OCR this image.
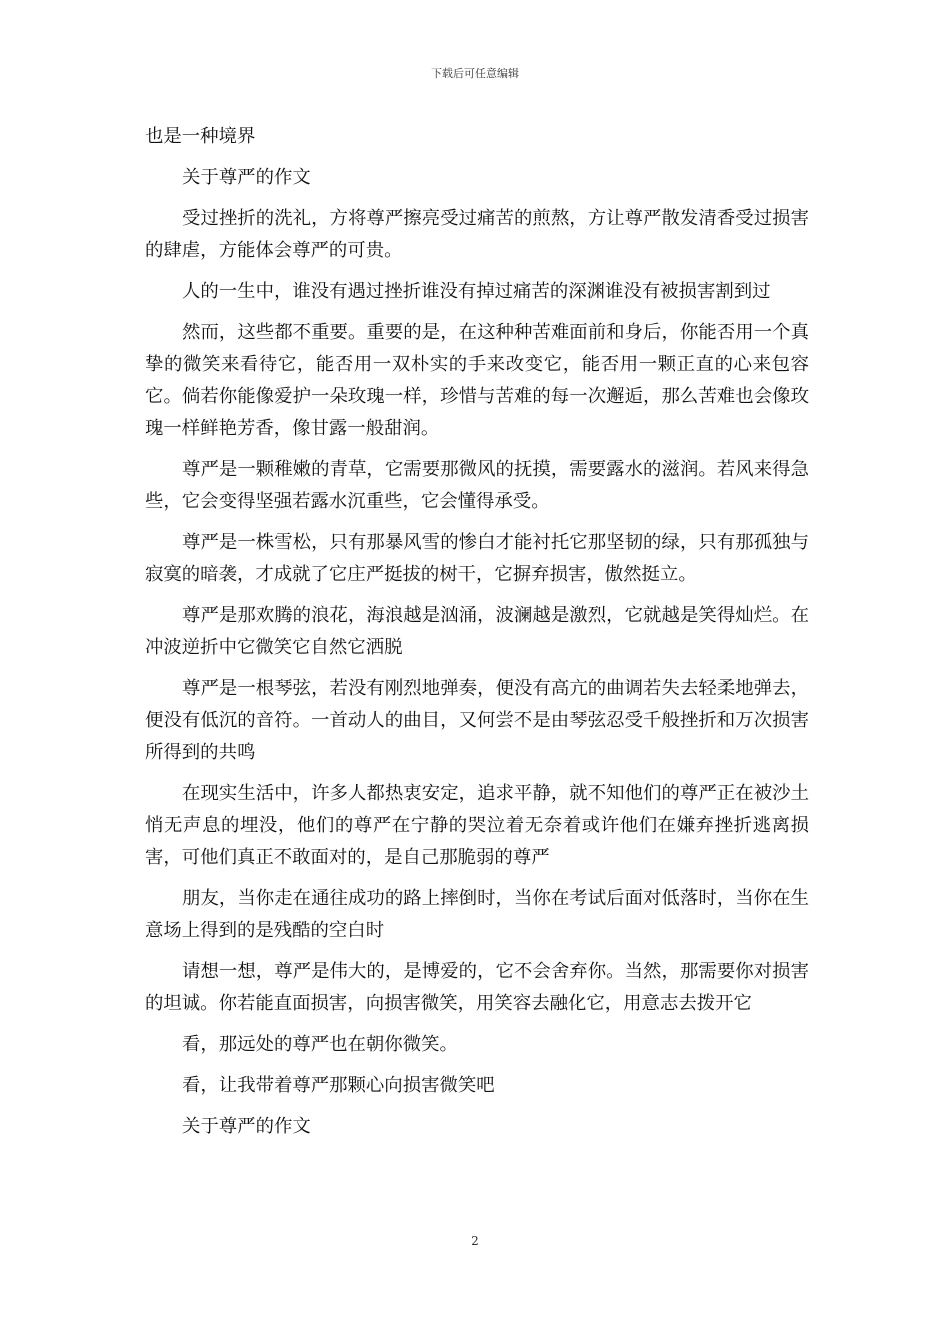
下载后可任意编辑

也是一种境界

关于尊严的作文

受过挫折的洗礼，方将尊严擦亮受过痛苦的煎熬，方让尊严散发清香受过损害的肆虐，方能体会尊严的可贵。

人的一生中，谁没有遇过挫折谁没有掉过痛苦的深渊谁没有被损害割到过

然而，这些都不重要。重要的是，在这种种苦难面前和身后，你能否用一个真挚的微笑来看待它，能否用一双朴实的手来改变它，能否用一颗正直的心来包容它。倘若你能像爱护一朵玫瑰一样，珍惜与苦难的每一次邂逅，那么苦难也会像玫瑰一样鲜艳芳香，像甘露一般甜润。

尊严是一颗稚嫩的青草，它需要那微风的抚摸，需要露水的滋润。若风来得急些，它会变得坚强若露水沉重些，它会懂得承受。

尊严是一株雪松，只有那暴风雪的惨白才能衬托它那坚韧的绿，只有那孤独与寂寞的暗袭，才成就了它庄严挺拔的树干，它摒弃损害，傲然挺立。

尊严是那欢腾的浪花，海浪越是汹涌，波澜越是激烈，它就越是笑得灿烂。在冲波逆折中它微笑它自然它洒脱

尊严是一根琴弦，若没有刚烈地弹奏，便没有高亢的曲调若失去轻柔地弹去，便没有低沉的音符。一首动人的曲目，又何尝不是由琴弦忍受千般挫折和万次损害所得到的共鸣

在现实生活中，许多人都热衷安定，追求平静，就不知他们的尊严正在被沙土悄无声息的埋没，他们的尊严在宁静的哭泣着无奈着或许他们在嫌弃挫折逃离损害，可他们真正不敢面对的，是自己那脆弱的尊严

朋友，当你走在通往成功的路上摔倒时，当你在考试后面对低落时，当你在生意场上得到的是残酷的空白时

请想一想，尊严是伟大的，是博爱的，它不会舍弃你。当然，那需要你对损害的坦诚。你若能直面损害，向损害微笑，用笑容去融化它，用意志去拨开它

看，那远处的尊严也在朝你微笑。

看，让我带着尊严那颗心向损害微笑吧

关于尊严的作文

2
